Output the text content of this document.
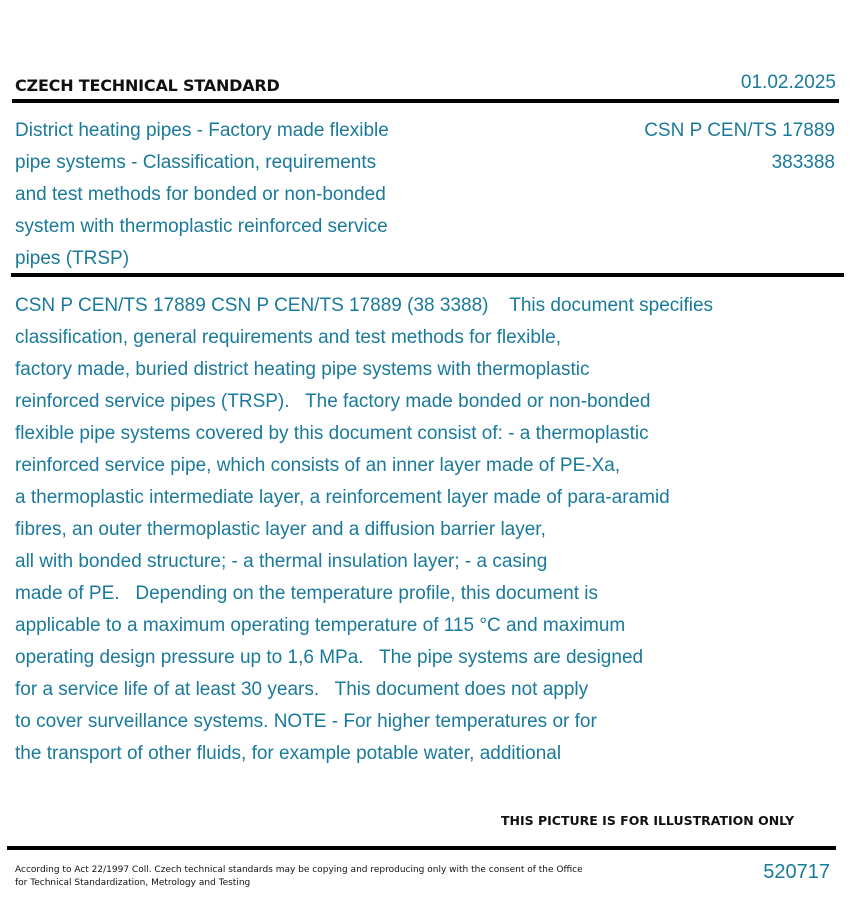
CZECH TECHNICAL STANDARD	01.02.2025
District heating pipes - Factory made flexible
pipe systems - Classification, requirements
and test methods for bonded or non-bonded
system with thermoplastic reinforced service
pipes (TRSP)
CSN P CEN/TS 17889
383388
CSN P CEN/TS 17889 CSN P CEN/TS 17889 (38 3388)    This document specifies
classification, general requirements and test methods for flexible,
factory made, buried district heating pipe systems with thermoplastic
reinforced service pipes (TRSP).   The factory made bonded or non-bonded
flexible pipe systems covered by this document consist of: - a thermoplastic
reinforced service pipe, which consists of an inner layer made of PE-Xa,
a thermoplastic intermediate layer, a reinforcement layer made of para-aramid
fibres, an outer thermoplastic layer and a diffusion barrier layer,
all with bonded structure; - a thermal insulation layer; - a casing
made of PE.   Depending on the temperature profile, this document is
applicable to a maximum operating temperature of 115 °C and maximum
operating design pressure up to 1,6 MPa.   The pipe systems are designed
for a service life of at least 30 years.   This document does not apply
to cover surveillance systems. NOTE - For higher temperatures or for
the transport of other fluids, for example potable water, additional
THIS PICTURE IS FOR ILLUSTRATION ONLY
According to Act 22/1997 Coll. Czech technical standards may be copying and reproducing only with the consent of the Office
for Technical Standardization, Metrology and Testing	520717
